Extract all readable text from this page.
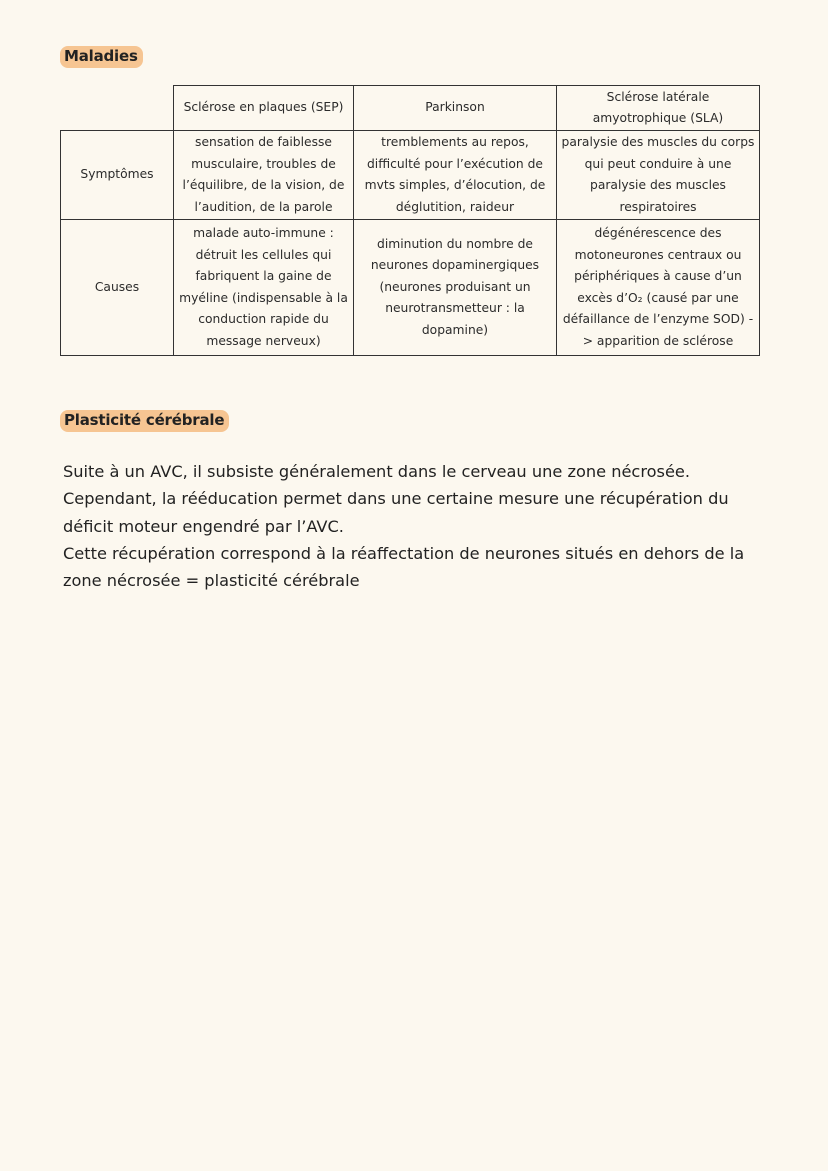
Maladies
	Sclérose en plaques (SEP)	Parkinson	Sclérose latérale amyotrophique (SLA)
Symptômes	sensation de faiblesse musculaire, troubles de l’équilibre, de la vision, de l’audition, de la parole	tremblements au repos, difficulté pour l’exécution de mvts simples, d’élocution, de déglutition, raideur	paralysie des muscles du corps qui peut conduire à une paralysie des muscles respiratoires
Causes	malade auto-immune : détruit les cellules qui fabriquent la gaine de myéline (indispensable à la conduction rapide du message nerveux)	diminution du nombre de neurones dopaminergiques (neurones produisant un neurotransmetteur : la dopamine)	dégénérescence des motoneurones centraux ou périphériques à cause d’un excès d’O₂ (causé par une défaillance de l’enzyme SOD) -> apparition de sclérose
Plasticité cérébrale

Suite à un AVC, il subsiste généralement dans le cerveau une zone nécrosée.

Cependant, la rééducation permet dans une certaine mesure une récupération du déficit moteur engendré par l’AVC.

Cette récupération correspond à la réaffectation de neurones situés en dehors de la zone nécrosée = plasticité cérébrale
